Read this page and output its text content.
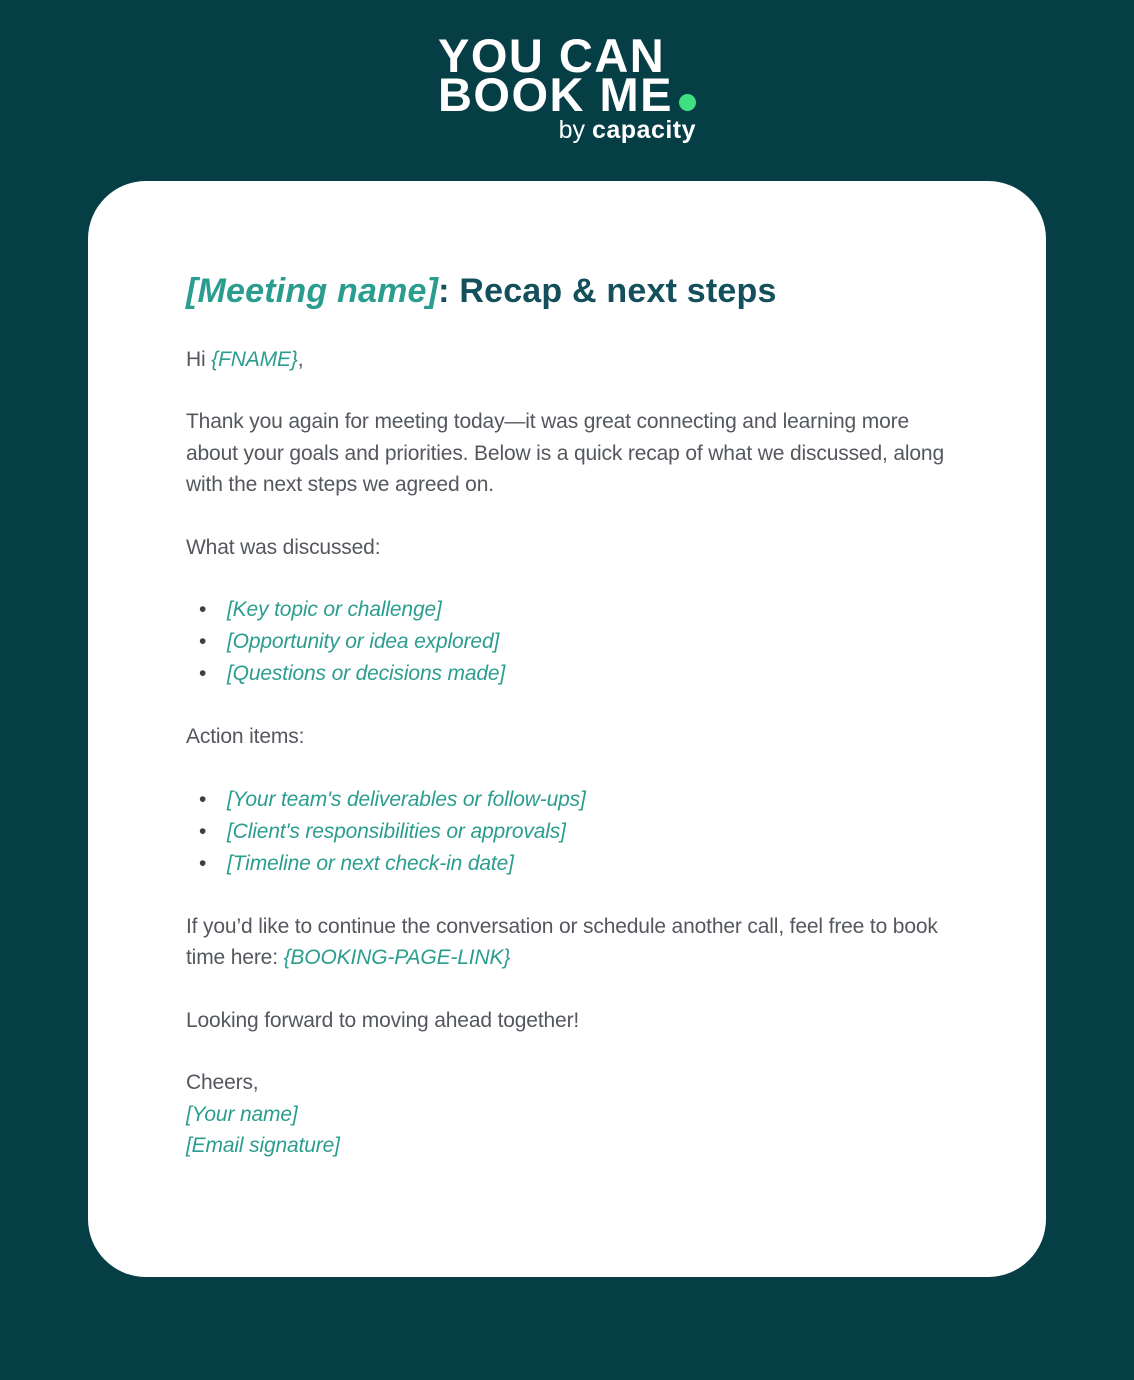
YOU CAN
BOOK ME
by capacity
[Meeting name]: Recap & next steps

Hi {FNAME},

Thank you again for meeting today—it was great connecting and learning more about your goals and priorities. Below is a quick recap of what we discussed, along with the next steps we agreed on.

What was discussed:

• [Key topic or challenge]
• [Opportunity or idea explored]
• [Questions or decisions made]

Action items:

• [Your team's deliverables or follow-ups]
• [Client's responsibilities or approvals]
• [Timeline or next check-in date]

If you’d like to continue the conversation or schedule another call, feel free to book time here: {BOOKING-PAGE-LINK}

Looking forward to moving ahead together!

Cheers,
[Your name]
[Email signature]
